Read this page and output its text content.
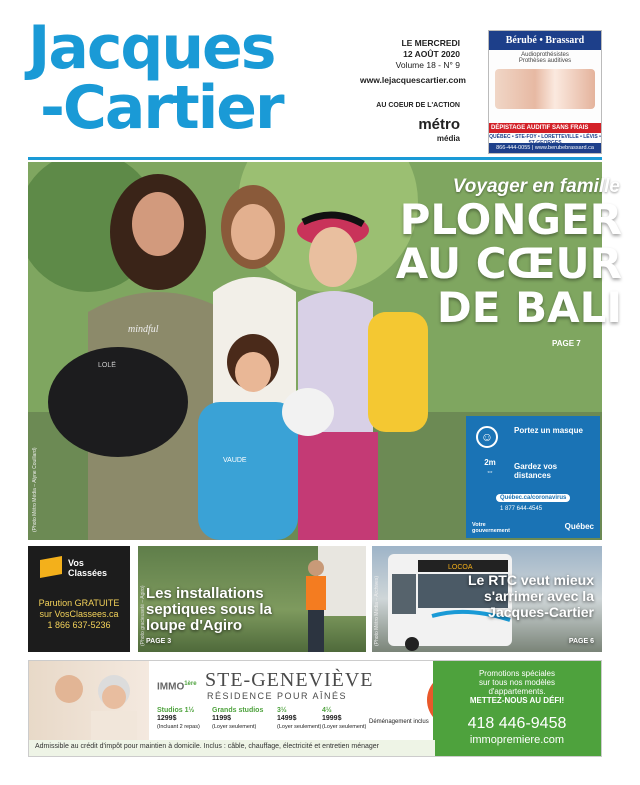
Jacques
-Cartier
LE MERCREDI
12 AOÛT 2020
Volume 18 - N° 9
www.lejacquescartier.com
AU COEUR DE L'ACTION
métro
média
Bérubé • Brassard
Audioprothésistes
Prothèses auditives
DÉPISTAGE AUDITIF SANS FRAIS
QUÉBEC • STE-FOY • LORETTEVILLE • LÉVIS •
866-444-0055 | www.berubebrassard.ca
mindful
LOLË
VAUDE
(Photo Métro Média – Alyne Couillard)
Voyager en famille
PLONGER
AU CŒUR
DE BALI
PAGE 7
☺	Portez un masque
2m
⇔
Gardez vos distances
Québec.ca/coronavirus
1 877 644-4545
Votre gouvernement	Québec
Vos
Classées
Parution GRATUITE
sur VosClassees.ca
1 866 637-5236
Les installations septiques sous la loupe d'Agiro
PAGE 3
(Photo gracieuseté – Agiro)
LOCOA
Le RTC veut mieux s'arrimer avec la Jacques-Cartier
PAGE 6
(Photo Métro Média – Archives)
$IMMO^{1ère}$ STE-GENEVIÈVE
RÉSIDENCE POUR AÎNÉS
Studios 1½
1299$
(Incluant 2 repas)
Grands studios
1199$
(Loyer seulement)
3½
1499$
(Loyer seulement)
4½
1999$
(Loyer seulement)
Déménagement inclus
Promotions spéciales
sur tous nos modèles
d'appartements.
METTEZ-NOUS AU DÉFI!
418 446-9458
immopremiere.com
Admissible au crédit d'impôt pour maintien à domicile. Inclus : câble, chauffage, électricité et entretien ménager
